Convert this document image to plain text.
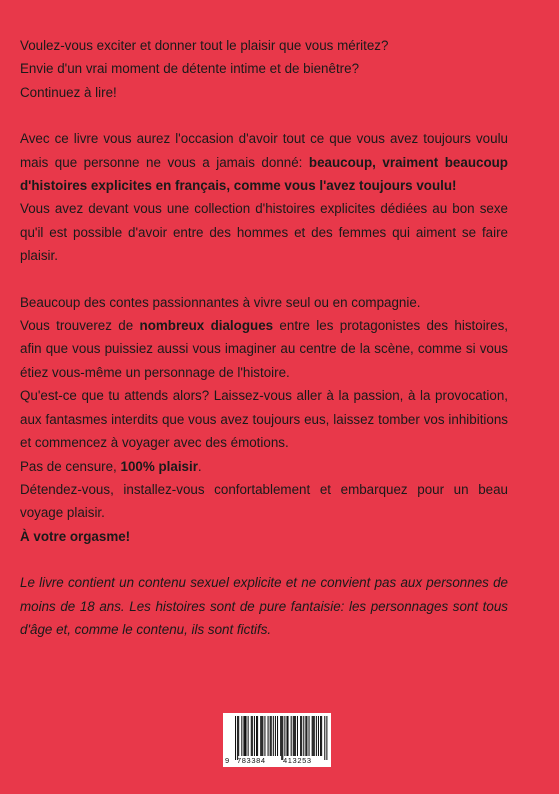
Voulez-vous exciter et donner tout le plaisir que vous méritez?

Envie d'un vrai moment de détente intime et de bienêtre?

Continuez à lire!

Avec ce livre vous aurez l'occasion d'avoir tout ce que vous avez toujours voulu mais que personne ne vous a jamais donné: beaucoup, vraiment beaucoup d'histoires explicites en français, comme vous l'avez toujours voulu!

Vous avez devant vous une collection d'histoires explicites dédiées au bon sexe qu'il est possible d'avoir entre des hommes et des femmes qui aiment se faire plaisir.

Beaucoup des contes passionnantes à vivre seul ou en compagnie.

Vous trouverez de nombreux dialogues entre les protagonistes des histoires, afin que vous puissiez aussi vous imaginer au centre de la scène, comme si vous étiez vous-même un personnage de l'histoire.

Qu'est-ce que tu attends alors? Laissez-vous aller à la passion, à la provocation, aux fantasmes interdits que vous avez toujours eus, laissez tomber vos inhibitions et commencez à voyager avec des émotions.

Pas de censure, 100% plaisir.

Détendez-vous, installez-vous confortablement et embarquez pour un beau voyage plaisir.

À votre orgasme!

Le livre contient un contenu sexuel explicite et ne convient pas aux personnes de moins de 18 ans. Les histoires sont de pure fantaisie: les personnages sont tous d'âge et, comme le contenu, ils sont fictifs.

9 783384 413253
